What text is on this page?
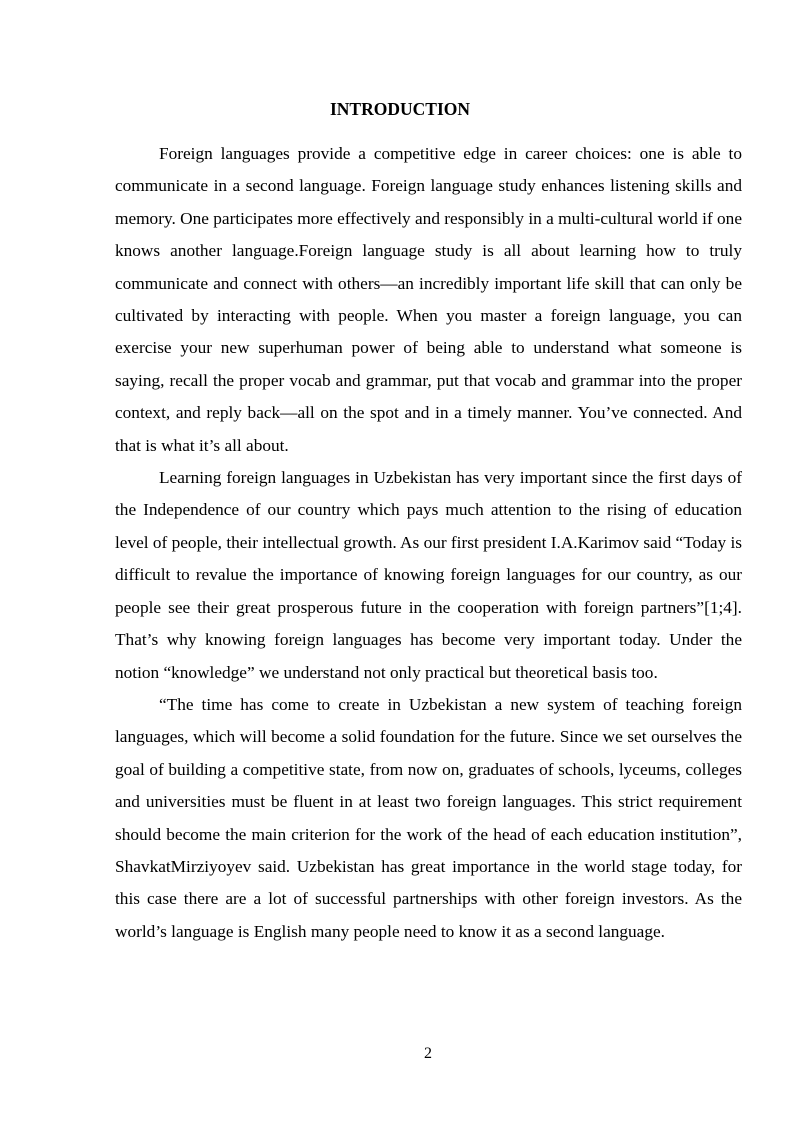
INTRODUCTION

Foreign languages provide a competitive edge in career choices: one is able to communicate in a second language. Foreign language study enhances listening skills and memory. One participates more effectively and responsibly in a multi-cultural world if one knows another language.Foreign language study is all about learning how to truly communicate and connect with others—an incredibly important life skill that can only be cultivated by interacting with people. When you master a foreign language, you can exercise your new superhuman power of being able to understand what someone is saying, recall the proper vocab and grammar, put that vocab and grammar into the proper context, and reply back—all on the spot and in a timely manner. You’ve connected. And that is what it’s all about.

Learning foreign languages in Uzbekistan has very important since the first days of the Independence of our country which pays much attention to the rising of education level of people, their intellectual growth. As our first president I.A.Karimov said “Today is difficult to revalue the importance of knowing foreign languages for our country, as our people see their great prosperous future in the cooperation with foreign partners”[1;4]. That’s why knowing foreign languages has become very important today. Under the notion “knowledge” we understand not only practical but theoretical basis too.

“The time has come to create in Uzbekistan a new system of teaching foreign languages, which will become a solid foundation for the future. Since we set ourselves the goal of building a competitive state, from now on, graduates of schools, lyceums, colleges and universities must be fluent in at least two foreign languages. This strict requirement should become the main criterion for the work of the head of each education institution”, ShavkatMirziyoyev said. Uzbekistan has great importance in the world stage today, for this case there are a lot of successful partnerships with other foreign investors. As the world’s language is English many people need to know it as a second language.

2
